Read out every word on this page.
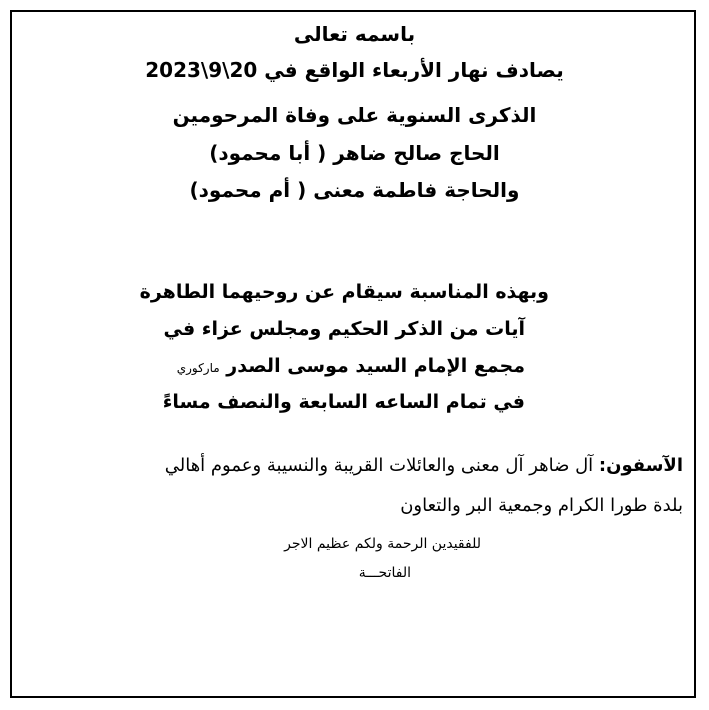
باسمه تعالى
يصادف نهار الأربعاء الواقع في 20\9\2023
الذكرى السنوية على وفاة المرحومين
الحاج صالح ضاهر ( أبا محمود)
والحاجة فاطمة معنى ( أم محمود)
وبهذه المناسبة سيقام عن روحيهما الطاهرة
آيات من الذكر الحكيم ومجلس عزاء في
مجمع الإمام السيد موسى الصدر ماركوري
في تمام الساعه السابعة والنصف مساءً
الآسفون: آل ضاهر آل معنى والعائلات القريبة والنسيبة وعموم أهالي
بلدة طورا الكرام وجمعية البر والتعاون
للفقيدين الرحمة ولكم عظيم الاجر
الفاتحـــة
